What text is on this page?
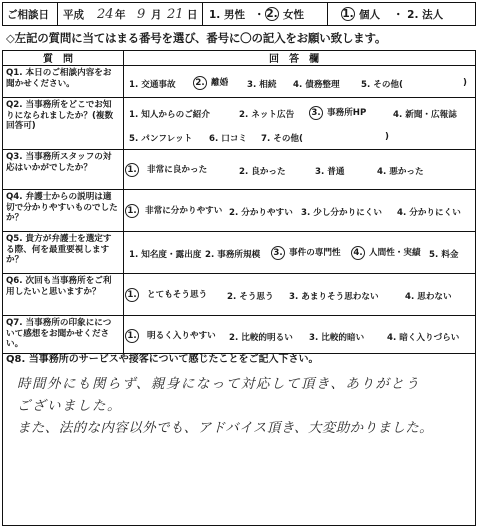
ご相談日 平成 24 年 9 月 21 日 1. 男性 ・ 2. 女性	1. 個人 ・ 2. 法人
◇左記の質問に当てはまる番号を選び、番号に〇の記入をお願い致します。
質問	回答欄
Q1. 本日のご相談内容をお聞かせください。	1. 交通事故 2. 離婚 3. 相続 4. 債務整理 5. その他(	)
Q2. 当事務所をどこでお知りになられましたか？(複数回答可)
1. 知人からのご紹介	2. ネット広告 3. 事務所HP	4. 新聞・広報誌
5. パンフレット 6. 口コミ 7. その他(	)
Q3. 当事務所スタッフの対応はいかがでしたか？	1. 非常に良かった	2. 良かった	3. 普通	4. 悪かった
Q4. 弁護士からの説明は適切で分かりやすいものでしたか？
1. 非常に分かりやすい 2. 分かりやすい 3. 少し分かりにくい 4. 分かりにくい
Q5. 貴方が弁護士を選定する際、何を最重要視しますか？
1. 知名度・露出度 2. 事務所規模 3. 事件の専門性 4. 人間性・実績 5. 料金
Q6. 次回も当事務所をご利用したいと思いますか？	1. とてもそう思う 2. そう思う 3. あまりそう思わない	4. 思わない
Q7. 当事務所の印象にについて感想をお聞かせください。
1. 明るく入りやすい 2. 比較的明るい 3. 比較的暗い	4. 暗く入りづらい
Q8. 当事務所のサービスや接客について感じたことをご記入下さい。
時間外にも関らず、親身になって対応して頂き、ありがとう
ございました。
また、法的な内容以外でも、アドバイス頂き、大変助かりました。
